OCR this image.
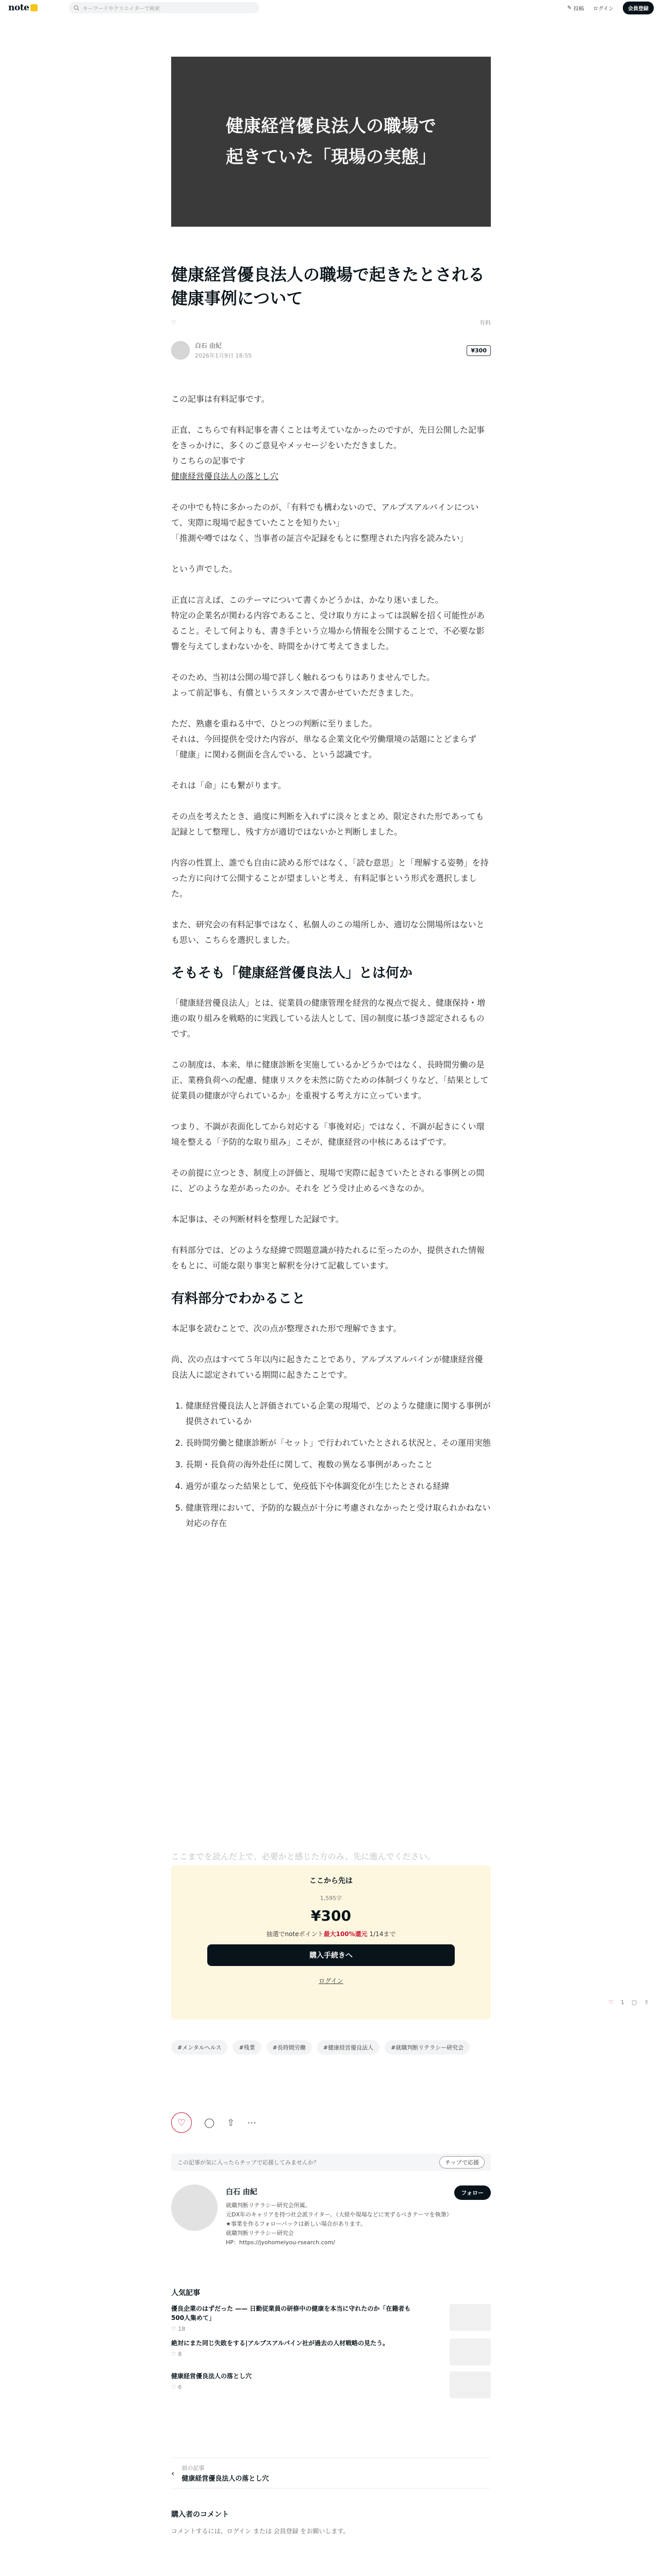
note	キーワードやクリエイターで検索	✎ 投稿 ログイン	会員登録
健康経営優良法人の職場で
起きていた「現場の実態」
健康経営優良法人の職場で起きたとされる健康事例について
♡	有料
白石 由紀
2026年1月9日 18:55
¥300

この記事は有料記事です。

正直、こちらで有料記事を書くことは考えていなかったのですが、先日公開した記事をきっかけに、多くのご意見やメッセージをいただきました。
りこちらの記事です
健康経営優良法人の落とし穴

その中でも特に多かったのが、「有料でも構わないので、アルプスアルパインについて、実際に現場で起きていたことを知りたい」
「推測や噂ではなく、当事者の証言や記録をもとに整理された内容を読みたい」

という声でした。

正直に言えば、このテーマについて書くかどうかは、かなり迷いました。
特定の企業名が関わる内容であること、受け取り方によっては誤解を招く可能性があること。そして何よりも、書き手という立場から情報を公開することで、不必要な影響を与えてしまわないかを、時間をかけて考えてきました。

そのため、当初は公開の場で詳しく触れるつもりはありませんでした。
よって前記事も、有償というスタンスで書かせていただきました。

ただ、熟慮を重ねる中で、ひとつの判断に至りました。
それは、今回提供を受けた内容が、単なる企業文化や労働環境の話題にとどまらず「健康」に関わる側面を含んでいる、という認識です。

それは「命」にも繋がります。

その点を考えたとき、過度に判断を入れずに淡々とまとめ、限定された形であっても記録として整理し、残す方が適切ではないかと判断しました。

内容の性質上、誰でも自由に読める形ではなく、「読む意思」と「理解する姿勢」を持った方に向けて公開することが望ましいと考え、有料記事という形式を選択しました。

また、研究会の有料記事ではなく、私個人のこの場所しか、適切な公開場所はないとも思い、こちらを選択しました。

そもそも「健康経営優良法人」とは何か

「健康経営優良法人」とは、従業員の健康管理を経営的な視点で捉え、健康保持・増進の取り組みを戦略的に実践している法人として、国の制度に基づき認定されるものです。

この制度は、本来、単に健康診断を実施しているかどうかではなく、長時間労働の是正、業務負荷への配慮、健康リスクを未然に防ぐための体制づくりなど、「結果として従業員の健康が守られているか」を重視する考え方に立っています。

つまり、不調が表面化してから対応する「事後対応」ではなく、不調が起きにくい環境を整える「予防的な取り組み」こそが、健康経営の中核にあるはずです。

その前提に立つとき、制度上の評価と、現場で実際に起きていたとされる事例との間に、どのような差があったのか。それを どう受け止めるべきなのか。

本記事は、その判断材料を整理した記録です。

有料部分では、どのような経緯で問題意識が持たれるに至ったのか、提供された情報をもとに、可能な限り事実と解釈を分けて記載しています。

有料部分でわかること

本記事を読むことで、次の点が整理された形で理解できます。

尚、次の点はすべて５年以内に起きたことであり、アルプスアルパインが健康経営優良法人に認定されている期間に起きたことです。

1. 健康経営優良法人と評価されている企業の現場で、どのような健康に関する事例が提供されているか
2. 長時間労働と健康診断が「セット」で行われていたとされる状況と、その運用実態
3. 長期・長負荷の海外赴任に関して、複数の異なる事例があったこと
4. 過労が重なった結果として、免疫低下や体調変化が生じたとされる経緯
5. 健康管理において、予防的な観点が十分に考慮されなかったと受け取られかねない対応の存在
ここまでを読んだ上で、必要かと感じた方のみ、先に進んでください。
ここから先は
1,595字
¥300
抽選でnoteポイント最大100%還元 1/14まで
購入手続きへ
ログイン
♡ 1 ▢ ⇪
#メンタルヘルス	#残業	#長時間労働	#健康経営優良法人	#就職判断リテラシー研究会
♡	◯ ⇧ ⋯
この記事が気に入ったらチップで応援してみませんか？	チップで応援
白石 由紀
就職判断リテラシー研究会所属。
元DX年のキャリアを持つ社会派ライター。（大組や現場などに実ずるべきテーマを執筆）
★事業を作るフォローバックは新しい場合があります。
就職判断リテラシー研究会
HP：https://jyohomeiyou-rsearch.com/
フォロー
人気記事
優良企業のはずだった —— 日勤従業員の研修中の健康を本当に守れたのか「在籍者も500人集めて」
♡ 18
絶対にまた同じ失敗をする|アルプスアルパイン社が過去の人材戦略の見たう。
♡ 8
健康経営優良法人の落とし穴
♡ 6
‹
前の記事
健康経営優良法人の落とし穴
購入者のコメント
コメントするには、ログイン または 会員登録 をお願いします。
